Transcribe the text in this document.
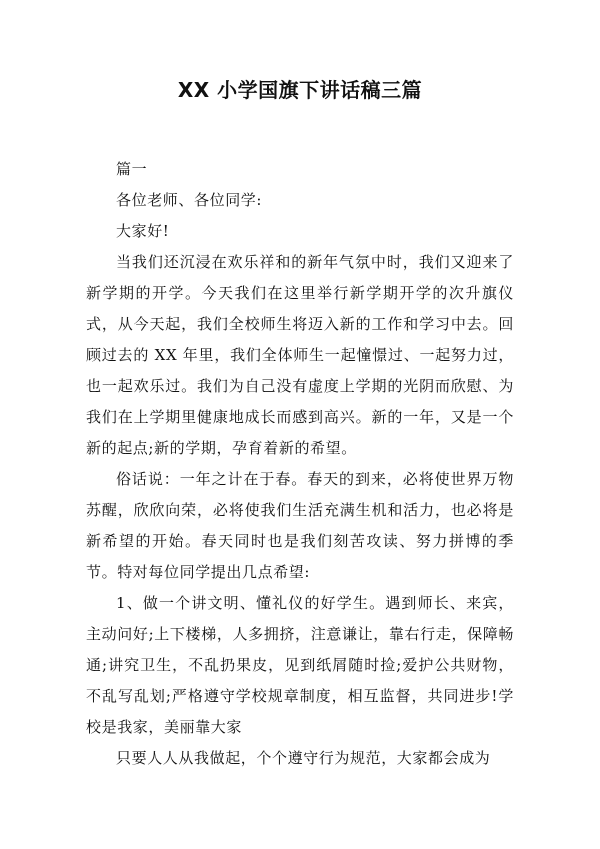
XX 小学国旗下讲话稿三篇

篇一

各位老师、各位同学:

大家好!

当我们还沉浸在欢乐祥和的新年气氛中时，我们又迎来了新学期的开学。今天我们在这里举行新学期开学的次升旗仪式，从今天起，我们全校师生将迈入新的工作和学习中去。回顾过去的 XX 年里，我们全体师生一起憧憬过、一起努力过，也一起欢乐过。我们为自己没有虚度上学期的光阴而欣慰、为我们在上学期里健康地成长而感到高兴。新的一年，又是一个新的起点;新的学期，孕育着新的希望。

俗话说：一年之计在于春。春天的到来，必将使世界万物苏醒，欣欣向荣，必将使我们生活充满生机和活力，也必将是新希望的开始。春天同时也是我们刻苦攻读、努力拼博的季节。特对每位同学提出几点希望:

1、做一个讲文明、懂礼仪的好学生。遇到师长、来宾，主动问好;上下楼梯，人多拥挤，注意谦让，靠右行走，保障畅通;讲究卫生，不乱扔果皮，见到纸屑随时捡;爱护公共财物，不乱写乱划;严格遵守学校规章制度，相互监督，共同进步!学校是我家，美丽靠大家

只要人人从我做起，个个遵守行为规范，大家都会成为
